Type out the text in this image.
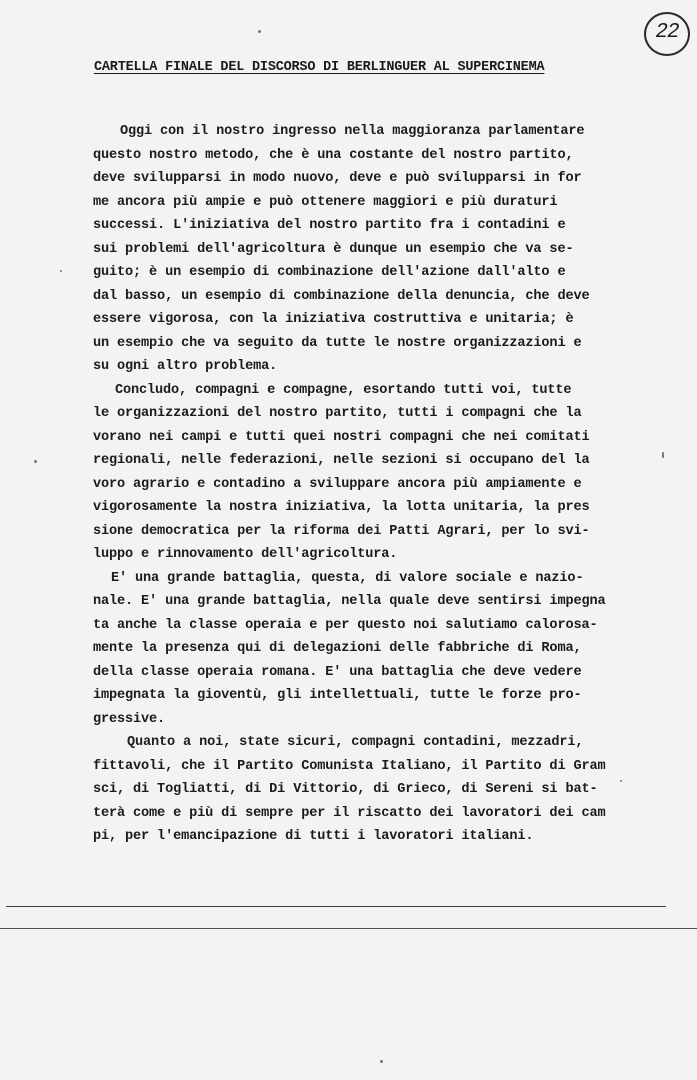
22
CARTELLA FINALE DEL DISCORSO DI BERLINGUER AL SUPERCINEMA
Oggi con il nostro ingresso nella maggioranza parlamentare
questo nostro metodo, che è una costante del nostro partito,
deve svilupparsi in modo nuovo, deve e può svilupparsi in for
me ancora più ampie e può ottenere maggiori e più duraturi
successi. L'iniziativa del nostro partito fra i contadini e
sui problemi dell'agricoltura è dunque un esempio che va se-
guito; è un esempio di combinazione dell'azione dall'alto e
dal basso, un esempio di combinazione della denuncia, che deve
essere vigorosa, con la iniziativa costruttiva e unitaria; è
un esempio che va seguito da tutte le nostre organizzazioni e
su ogni altro problema.
Concludo, compagni e compagne, esortando tutti voi, tutte
le organizzazioni del nostro partito, tutti i compagni che la
vorano nei campi e tutti quei nostri compagni che nei comitati
regionali, nelle federazioni, nelle sezioni si occupano del la
voro agrario e contadino a sviluppare ancora più ampiamente e
vigorosamente la nostra iniziativa, la lotta unitaria, la pres
sione democratica per la riforma dei Patti Agrari, per lo svi-
luppo e rinnovamento dell'agricoltura.
E' una grande battaglia, questa, di valore sociale e nazio-
nale. E' una grande battaglia, nella quale deve sentirsi impegna
ta anche la classe operaia e per questo noi salutiamo calorosa-
mente la presenza qui di delegazioni delle fabbriche di Roma,
della classe operaia romana. E' una battaglia che deve vedere
impegnata la gioventù, gli intellettuali, tutte le forze pro-
gressive.
Quanto a noi, state sicuri, compagni contadini, mezzadri,
fittavoli, che il Partito Comunista Italiano, il Partito di Gram
sci, di Togliatti, di Di Vittorio, di Grieco, di Sereni si bat-
terà come e più di sempre per il riscatto dei lavoratori dei cam
pi, per l'emancipazione di tutti i lavoratori italiani.
